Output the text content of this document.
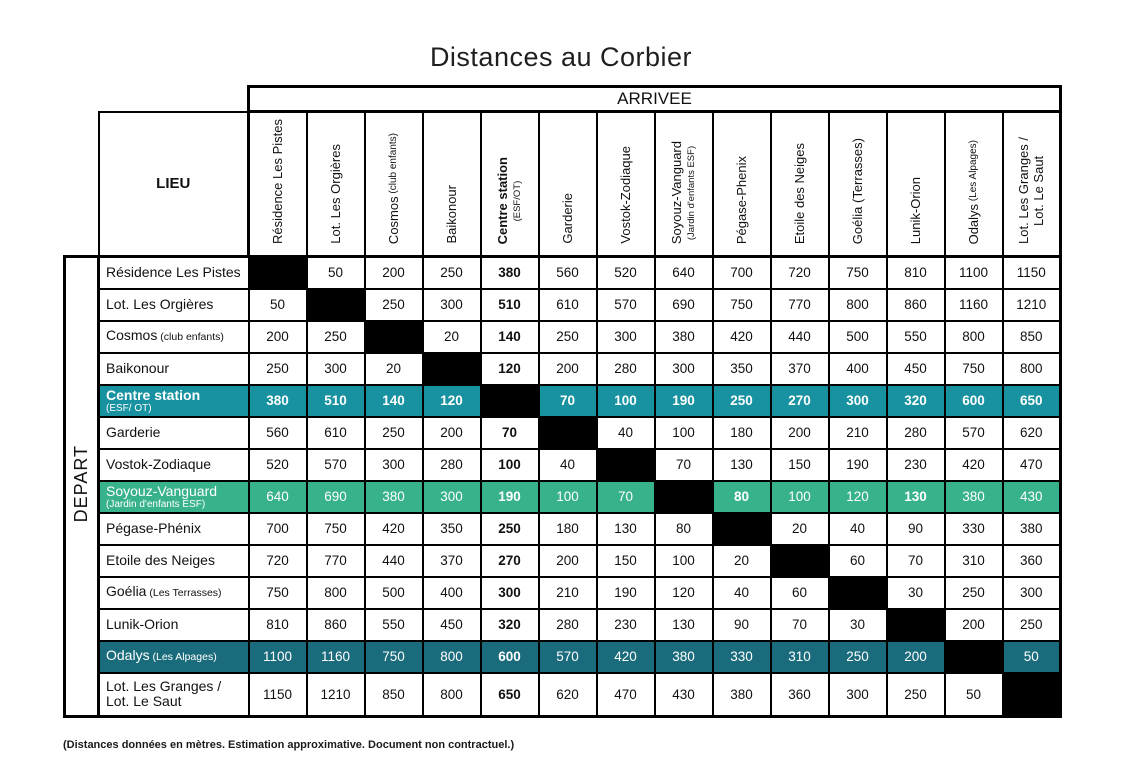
Distances au Corbier
		ARRIVEE													
	LIEU	Résidence Les Pistes	Lot. Les Orgières	Cosmos (club enfants)	Baikonour	Centre station (ESF/OT)	Garderie	Vostok-Zodiaque	Soyouz-Vanguard (Jardin d'enfants ESF)	Pégase-Phenix	Etoile des Neiges	Goélia (Terrasses)	Lunik-Orion	Odalys (Les Alpages)	Lot. Les Granges / Lot. Le Saut

DEPART	Résidence Les Pistes		50	200	250	380	560	520	640	700	720	750	810	1100	1150
	Lot. Les Orgières	50		250	300	510	610	570	690	750	770	800	860	1160	1210
	Cosmos (club enfants)	200	250		20	140	250	300	380	420	440	500	550	800	850
	Baikonour	250	300	20		120	200	280	300	350	370	400	450	750	800
	Centre station
(ESF/ OT)	380	510	140	120		70	100	190	250	270	300	320	600	650
	Garderie	560	610	250	200	70		40	100	180	200	210	280	570	620
	Vostok-Zodiaque	520	570	300	280	100	40		70	130	150	190	230	420	470
	Soyouz-Vanguard
(Jardin d'enfants ESF)	640	690	380	300	190	100	70		80	100	120	130	380	430
	Pégase-Phénix	700	750	420	350	250	180	130	80		20	40	90	330	380
	Etoile des Neiges	720	770	440	370	270	200	150	100	20		60	70	310	360
	Goélia (Les Terrasses)	750	800	500	400	300	210	190	120	40	60		30	250	300
	Lunik-Orion	810	860	550	450	320	280	230	130	90	70	30		200	250
	Odalys (Les Alpages)	1100	1160	750	800	600	570	420	380	330	310	250	200		50
	Lot. Les Granges /
Lot. Le Saut	1150	1210	850	800	650	620	470	430	380	360	300	250	50	
(Distances données en mètres. Estimation approximative. Document non contractuel.)
